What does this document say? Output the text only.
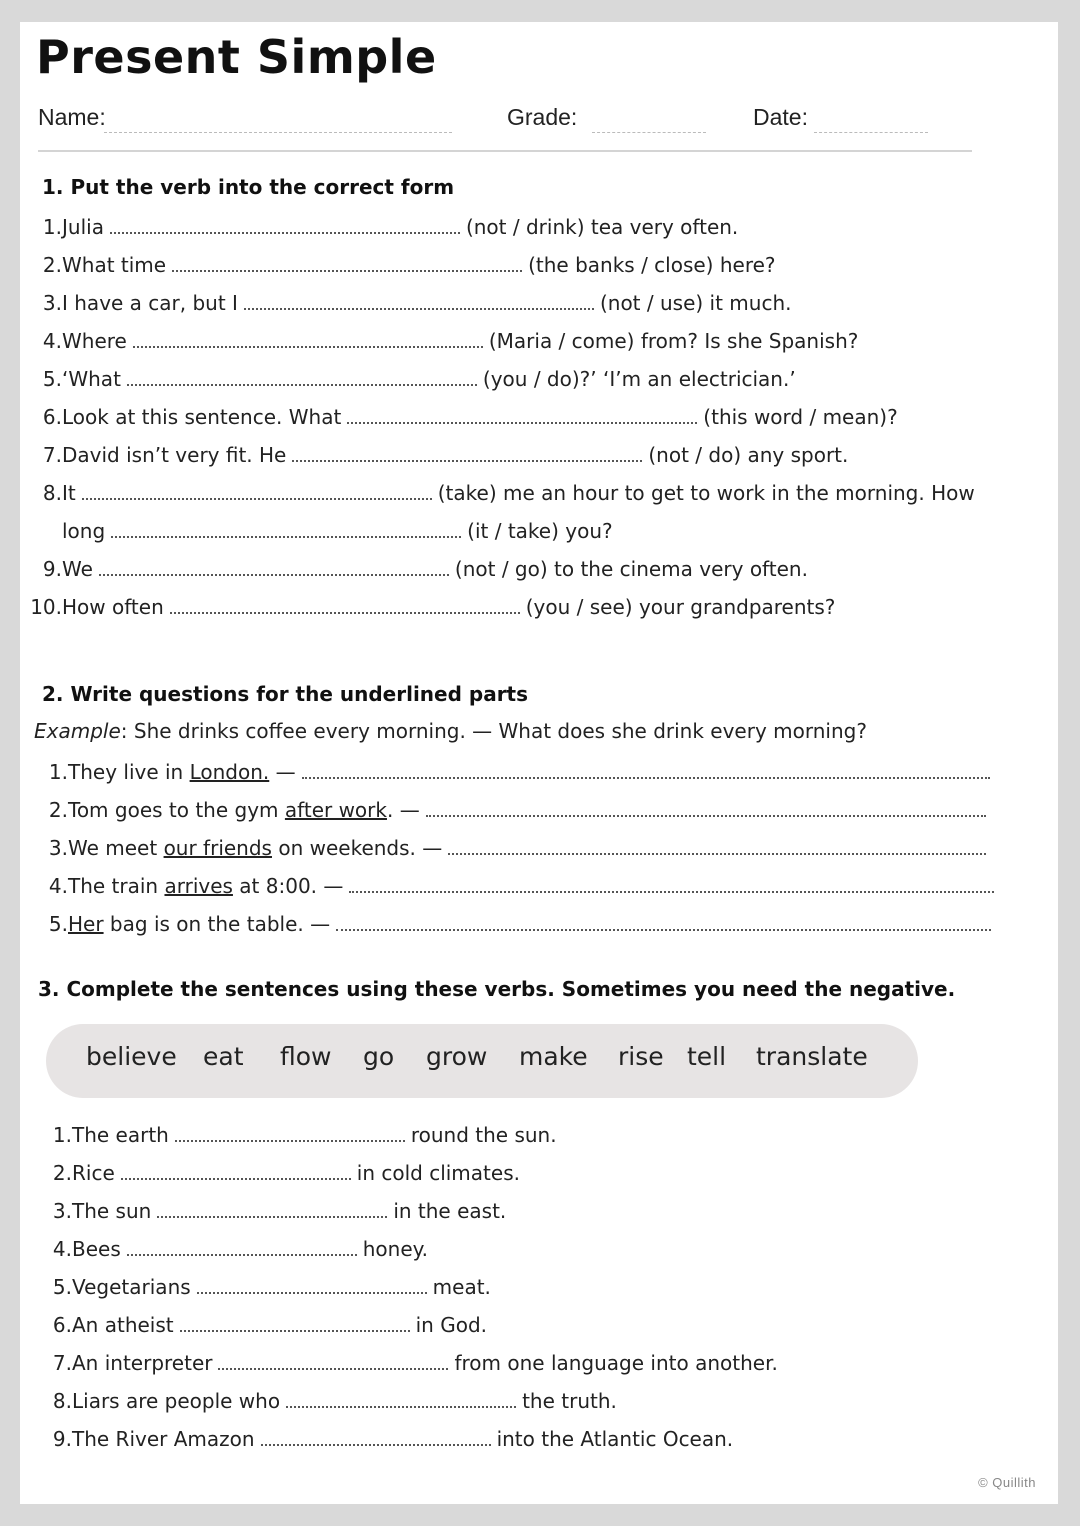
Present Simple
Name:	Grade:	Date:
1. Put the verb into the correct form
1.Julia	(not / drink) tea very often.
2.What time	(the banks / close) here?
3.I have a car, but I	(not / use) it much.
4.Where	(Maria / come) from? Is she Spanish?
5.‘What	(you / do)?’ ‘I’m an electrician.’
6.Look at this sentence. What	(this word / mean)?
7.David isn’t very fit. He	(not / do) any sport.
8.It	(take) me an hour to get to work in the morning. How
long	(it / take) you?
9.We	(not / go) to the cinema very often.
10.How often	(you / see) your grandparents?
2. Write questions for the underlined parts
Example: She drinks coffee every morning. — What does she drink every morning?
1.They live in London. —
2.Tom goes to the gym after work. —
3.We meet our friends on weekends. —
4.The train arrives at 8:00. —
5.Her bag is on the table. —
3. Complete the sentences using these verbs. Sometimes you need the negative.
believe eat flow go grow make rise tell translate
1.The earth	round the sun.
2.Rice	in cold climates.
3.The sun	in the east.
4.Bees	honey.
5.Vegetarians	meat.
6.An atheist	in God.
7.An interpreter	from one language into another.
8.Liars are people who	the truth.
9.The River Amazon	into the Atlantic Ocean.
© Quillith
